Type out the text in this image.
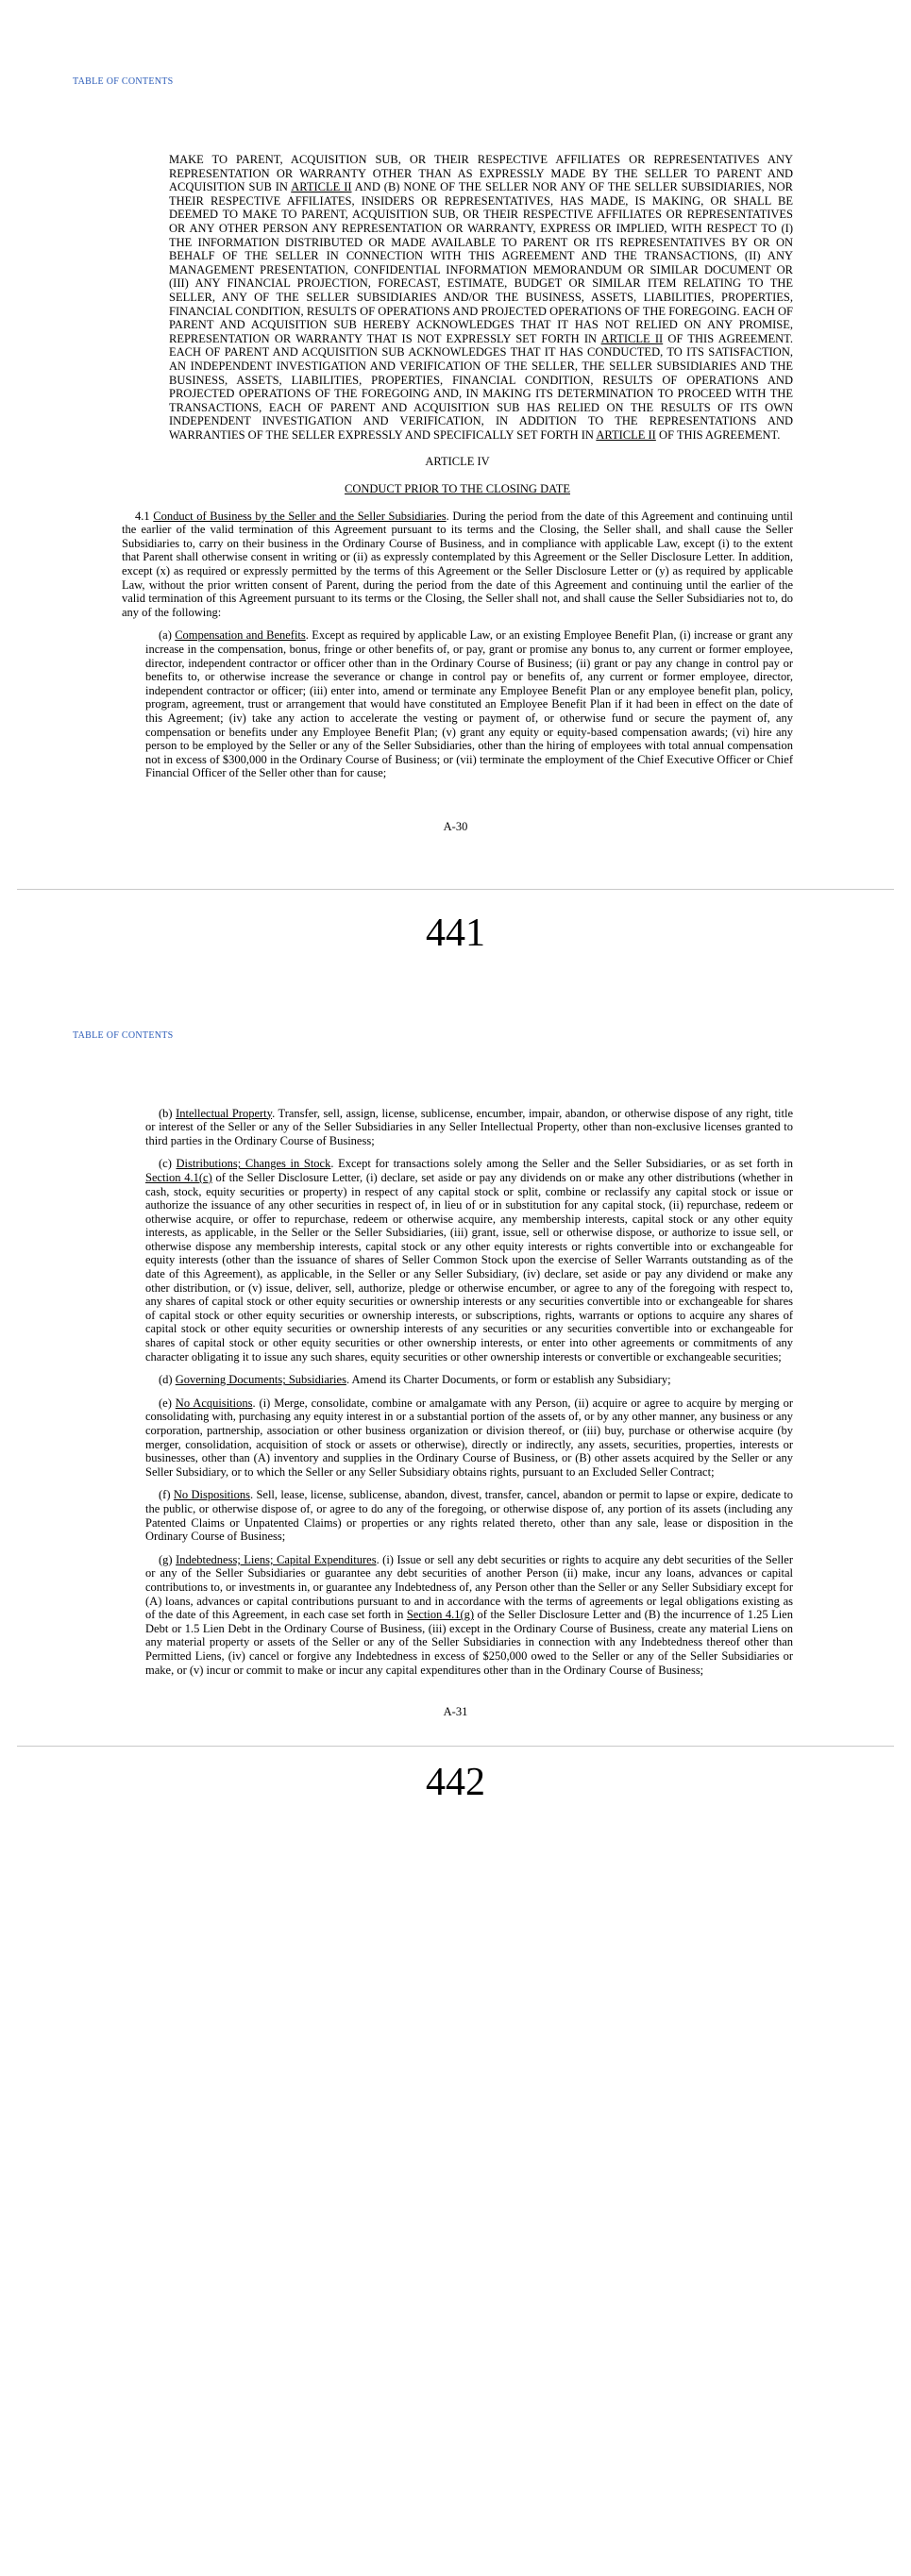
TABLE OF CONTENTS

MAKE TO PARENT, ACQUISITION SUB, OR THEIR RESPECTIVE AFFILIATES OR REPRESENTATIVES ANY REPRESENTATION OR WARRANTY OTHER THAN AS EXPRESSLY MADE BY THE SELLER TO PARENT AND ACQUISITION SUB IN ARTICLE II AND (B) NONE OF THE SELLER NOR ANY OF THE SELLER SUBSIDIARIES, NOR THEIR RESPECTIVE AFFILIATES, INSIDERS OR REPRESENTATIVES, HAS MADE, IS MAKING, OR SHALL BE DEEMED TO MAKE TO PARENT, ACQUISITION SUB, OR THEIR RESPECTIVE AFFILIATES OR REPRESENTATIVES OR ANY OTHER PERSON ANY REPRESENTATION OR WARRANTY, EXPRESS OR IMPLIED, WITH RESPECT TO (I) THE INFORMATION DISTRIBUTED OR MADE AVAILABLE TO PARENT OR ITS REPRESENTATIVES BY OR ON BEHALF OF THE SELLER IN CONNECTION WITH THIS AGREEMENT AND THE TRANSACTIONS, (II) ANY MANAGEMENT PRESENTATION, CONFIDENTIAL INFORMATION MEMORANDUM OR SIMILAR DOCUMENT OR (III) ANY FINANCIAL PROJECTION, FORECAST, ESTIMATE, BUDGET OR SIMILAR ITEM RELATING TO THE SELLER, ANY OF THE SELLER SUBSIDIARIES AND/OR THE BUSINESS, ASSETS, LIABILITIES, PROPERTIES, FINANCIAL CONDITION, RESULTS OF OPERATIONS AND PROJECTED OPERATIONS OF THE FOREGOING. EACH OF PARENT AND ACQUISITION SUB HEREBY ACKNOWLEDGES THAT IT HAS NOT RELIED ON ANY PROMISE, REPRESENTATION OR WARRANTY THAT IS NOT EXPRESSLY SET FORTH IN ARTICLE II OF THIS AGREEMENT. EACH OF PARENT AND ACQUISITION SUB ACKNOWLEDGES THAT IT HAS CONDUCTED, TO ITS SATISFACTION, AN INDEPENDENT INVESTIGATION AND VERIFICATION OF THE SELLER, THE SELLER SUBSIDIARIES AND THE BUSINESS, ASSETS, LIABILITIES, PROPERTIES, FINANCIAL CONDITION, RESULTS OF OPERATIONS AND PROJECTED OPERATIONS OF THE FOREGOING AND, IN MAKING ITS DETERMINATION TO PROCEED WITH THE TRANSACTIONS, EACH OF PARENT AND ACQUISITION SUB HAS RELIED ON THE RESULTS OF ITS OWN INDEPENDENT INVESTIGATION AND VERIFICATION, IN ADDITION TO THE REPRESENTATIONS AND WARRANTIES OF THE SELLER EXPRESSLY AND SPECIFICALLY SET FORTH IN ARTICLE II OF THIS AGREEMENT.

ARTICLE IV

CONDUCT PRIOR TO THE CLOSING DATE

4.1 Conduct of Business by the Seller and the Seller Subsidiaries. During the period from the date of this Agreement and continuing until the earlier of the valid termination of this Agreement pursuant to its terms and the Closing, the Seller shall, and shall cause the Seller Subsidiaries to, carry on their business in the Ordinary Course of Business, and in compliance with applicable Law, except (i) to the extent that Parent shall otherwise consent in writing or (ii) as expressly contemplated by this Agreement or the Seller Disclosure Letter. In addition, except (x) as required or expressly permitted by the terms of this Agreement or the Seller Disclosure Letter or (y) as required by applicable Law, without the prior written consent of Parent, during the period from the date of this Agreement and continuing until the earlier of the valid termination of this Agreement pursuant to its terms or the Closing, the Seller shall not, and shall cause the Seller Subsidiaries not to, do any of the following:

(a) Compensation and Benefits. Except as required by applicable Law, or an existing Employee Benefit Plan, (i) increase or grant any increase in the compensation, bonus, fringe or other benefits of, or pay, grant or promise any bonus to, any current or former employee, director, independent contractor or officer other than in the Ordinary Course of Business; (ii) grant or pay any change in control pay or benefits to, or otherwise increase the severance or change in control pay or benefits of, any current or former employee, director, independent contractor or officer; (iii) enter into, amend or terminate any Employee Benefit Plan or any employee benefit plan, policy, program, agreement, trust or arrangement that would have constituted an Employee Benefit Plan if it had been in effect on the date of this Agreement; (iv) take any action to accelerate the vesting or payment of, or otherwise fund or secure the payment of, any compensation or benefits under any Employee Benefit Plan; (v) grant any equity or equity-based compensation awards; (vi) hire any person to be employed by the Seller or any of the Seller Subsidiaries, other than the hiring of employees with total annual compensation not in excess of $300,000 in the Ordinary Course of Business; or (vii) terminate the employment of the Chief Executive Officer or Chief Financial Officer of the Seller other than for cause;

A-30
441
TABLE OF CONTENTS

(b) Intellectual Property. Transfer, sell, assign, license, sublicense, encumber, impair, abandon, or otherwise dispose of any right, title or interest of the Seller or any of the Seller Subsidiaries in any Seller Intellectual Property, other than non-exclusive licenses granted to third parties in the Ordinary Course of Business;

(c) Distributions; Changes in Stock. Except for transactions solely among the Seller and the Seller Subsidiaries, or as set forth in Section 4.1(c) of the Seller Disclosure Letter, (i) declare, set aside or pay any dividends on or make any other distributions (whether in cash, stock, equity securities or property) in respect of any capital stock or split, combine or reclassify any capital stock or issue or authorize the issuance of any other securities in respect of, in lieu of or in substitution for any capital stock, (ii) repurchase, redeem or otherwise acquire, or offer to repurchase, redeem or otherwise acquire, any membership interests, capital stock or any other equity interests, as applicable, in the Seller or the Seller Subsidiaries, (iii) grant, issue, sell or otherwise dispose, or authorize to issue sell, or otherwise dispose any membership interests, capital stock or any other equity interests or rights convertible into or exchangeable for equity interests (other than the issuance of shares of Seller Common Stock upon the exercise of Seller Warrants outstanding as of the date of this Agreement), as applicable, in the Seller or any Seller Subsidiary, (iv) declare, set aside or pay any dividend or make any other distribution, or (v) issue, deliver, sell, authorize, pledge or otherwise encumber, or agree to any of the foregoing with respect to, any shares of capital stock or other equity securities or ownership interests or any securities convertible into or exchangeable for shares of capital stock or other equity securities or ownership interests, or subscriptions, rights, warrants or options to acquire any shares of capital stock or other equity securities or ownership interests of any securities or any securities convertible into or exchangeable for shares of capital stock or other equity securities or other ownership interests, or enter into other agreements or commitments of any character obligating it to issue any such shares, equity securities or other ownership interests or convertible or exchangeable securities;

(d) Governing Documents; Subsidiaries. Amend its Charter Documents, or form or establish any Subsidiary;

(e) No Acquisitions. (i) Merge, consolidate, combine or amalgamate with any Person, (ii) acquire or agree to acquire by merging or consolidating with, purchasing any equity interest in or a substantial portion of the assets of, or by any other manner, any business or any corporation, partnership, association or other business organization or division thereof, or (iii) buy, purchase or otherwise acquire (by merger, consolidation, acquisition of stock or assets or otherwise), directly or indirectly, any assets, securities, properties, interests or businesses, other than (A) inventory and supplies in the Ordinary Course of Business, or (B) other assets acquired by the Seller or any Seller Subsidiary, or to which the Seller or any Seller Subsidiary obtains rights, pursuant to an Excluded Seller Contract;

(f) No Dispositions. Sell, lease, license, sublicense, abandon, divest, transfer, cancel, abandon or permit to lapse or expire, dedicate to the public, or otherwise dispose of, or agree to do any of the foregoing, or otherwise dispose of, any portion of its assets (including any Patented Claims or Unpatented Claims) or properties or any rights related thereto, other than any sale, lease or disposition in the Ordinary Course of Business;

(g) Indebtedness; Liens; Capital Expenditures. (i) Issue or sell any debt securities or rights to acquire any debt securities of the Seller or any of the Seller Subsidiaries or guarantee any debt securities of another Person (ii) make, incur any loans, advances or capital contributions to, or investments in, or guarantee any Indebtedness of, any Person other than the Seller or any Seller Subsidiary except for (A) loans, advances or capital contributions pursuant to and in accordance with the terms of agreements or legal obligations existing as of the date of this Agreement, in each case set forth in Section 4.1(g) of the Seller Disclosure Letter and (B) the incurrence of 1.25 Lien Debt or 1.5 Lien Debt in the Ordinary Course of Business, (iii) except in the Ordinary Course of Business, create any material Liens on any material property or assets of the Seller or any of the Seller Subsidiaries in connection with any Indebtedness thereof other than Permitted Liens, (iv) cancel or forgive any Indebtedness in excess of $250,000 owed to the Seller or any of the Seller Subsidiaries or make, or (v) incur or commit to make or incur any capital expenditures other than in the Ordinary Course of Business;

A-31
442
